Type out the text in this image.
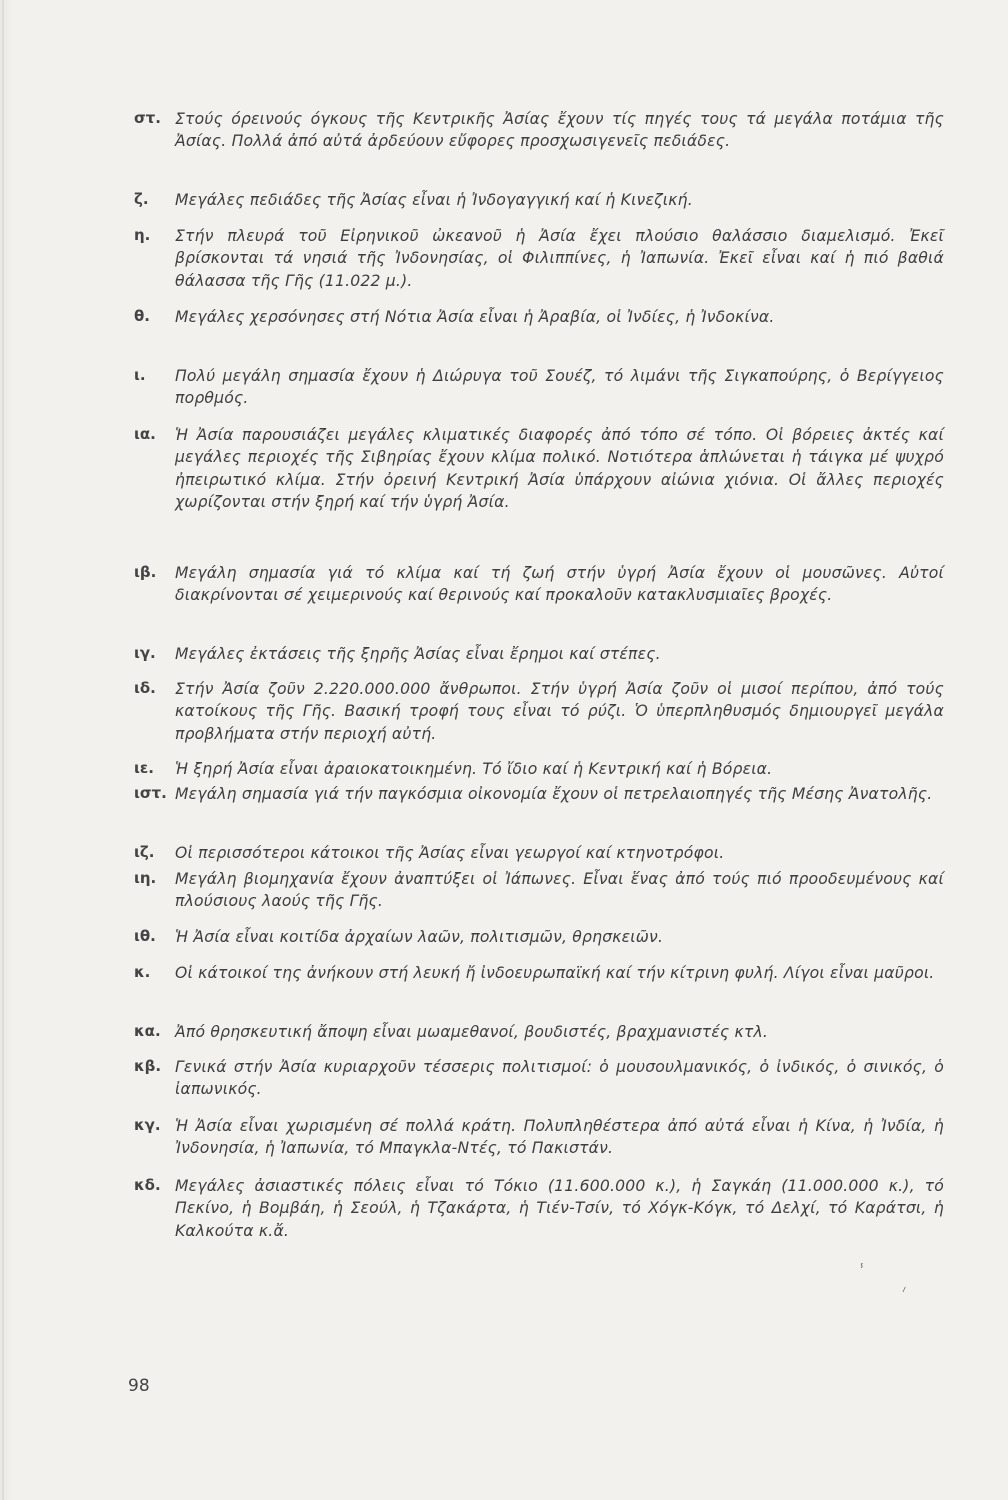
στ. Στούς όρεινούς όγκους τῆς Κεντρικῆς Ἀσίας ἔχουν τίς πηγές τους τά μεγάλα ποτάμια τῆς Ἀσίας. Πολλά ἀπό αὐτά ἀρδεύουν εὔφορες προσχωσιγενεῖς πεδιάδες.
ζ.	Μεγάλες πεδιάδες τῆς Ἀσίας εἶναι ἡ Ἰνδογαγγική καί ἡ Κινεζική.
η.	Στήν πλευρά τοῦ Εἰρηνικοῦ ὠκεανοῦ ἡ Ἀσία ἔχει πλούσιο θαλάσσιο διαμελισμό. Ἐκεῖ βρίσκονται τά νησιά τῆς Ἰνδονησίας, οἱ Φιλιππίνες, ἡ Ἰαπωνία. Ἐκεῖ εἶναι καί ἡ πιό βαθιά θάλασσα τῆς Γῆς (11.022 μ.).
θ.	Μεγάλες χερσόνησες στή Νότια Ἀσία εἶναι ἡ Ἀραβία, οἱ Ἰνδίες, ἡ Ἰνδοκίνα.
ι.	Πολύ μεγάλη σημασία ἔχουν ἡ Διώρυγα τοῦ Σουέζ, τό λιμάνι τῆς Σιγκαπούρης, ὁ Βερίγγειος πορθμός.
ια.	Ἡ Ἀσία παρουσιάζει μεγάλες κλιματικές διαφορές ἀπό τόπο σέ τόπο. Οἱ βόρειες ἀκτές καί μεγάλες περιοχές τῆς Σιβηρίας ἔχουν κλίμα πολικό. Νοτιότερα ἁπλώνεται ἡ τάιγκα μέ ψυχρό ἠπειρωτικό κλίμα. Στήν ὀρεινή Κεντρική Ἀσία ὑπάρχουν αἰώνια χιόνια. Οἱ ἄλλες περιοχές χωρίζονται στήν ξηρή καί τήν ὑγρή Ἀσία.
ιβ.	Μεγάλη σημασία γιά τό κλίμα καί τή ζωή στήν ὑγρή Ἀσία ἔχουν οἱ μουσῶνες. Αὐτοί διακρίνονται σέ χειμερινούς καί θερινούς καί προκαλοῦν κατακλυσμιαῖες βροχές.
ιγ.	Μεγάλες ἐκτάσεις τῆς ξηρῆς Ἀσίας εἶναι ἔρημοι καί στέπες.
ιδ.	Στήν Ἀσία ζοῦν 2.220.000.000 ἄνθρωποι. Στήν ὑγρή Ἀσία ζοῦν οἱ μισοί περίπου, ἀπό τούς κατοίκους τῆς Γῆς. Βασική τροφή τους εἶναι τό ρύζι. Ὁ ὑπερπληθυσμός δημιουργεῖ μεγάλα προβλήματα στήν περιοχή αὐτή.
ιε.	Ἡ ξηρή Ἀσία εἶναι ἀραιοκατοικημένη. Τό ἴδιο καί ἡ Κεντρική καί ἡ Βόρεια.
ιστ. Μεγάλη σημασία γιά τήν παγκόσμια οἰκονομία ἔχουν οἱ πετρελαιοπηγές τῆς Μέσης Ἀνατολῆς.
ιζ.	Οἱ περισσότεροι κάτοικοι τῆς Ἀσίας εἶναι γεωργοί καί κτηνοτρόφοι.
ιη.	Μεγάλη βιομηχανία ἔχουν ἀναπτύξει οἱ Ἰάπωνες. Εἶναι ἕνας ἀπό τούς πιό προοδευμένους καί πλούσιους λαούς τῆς Γῆς.
ιθ.	Ἡ Ἀσία εἶναι κοιτίδα ἀρχαίων λαῶν, πολιτισμῶν, θρησκειῶν.
κ.	Οἱ κάτοικοί της ἀνήκουν στή λευκή ἤ ἰνδοευρωπαϊκή καί τήν κίτρινη φυλή. Λίγοι εἶναι μαῦροι.
κα. Ἀπό θρησκευτική ἄποψη εἶναι μωαμεθανοί, βουδιστές, βραχμανιστές κτλ.
κβ. Γενικά στήν Ἀσία κυριαρχοῦν τέσσερις πολιτισμοί: ὁ μουσουλμανικός, ὁ ἰνδικός, ὁ σινικός, ὁ ἰαπωνικός.
κγ. Ἡ Ἀσία εἶναι χωρισμένη σέ πολλά κράτη. Πολυπληθέστερα ἀπό αὐτά εἶναι ἡ Κίνα, ἡ Ἰνδία, ἡ Ἰνδονησία, ἡ Ἰαπωνία, τό Μπαγκλα-Ντές, τό Πακιστάν.
κδ. Μεγάλες ἀσιαστικές πόλεις εἶναι τό Τόκιο (11.600.000 κ.), ἡ Σαγκάη (11.000.000 κ.), τό Πεκίνο, ἡ Βομβάη, ἡ Σεούλ, ἡ Τζακάρτα, ἡ Τιέν-Τσίν, τό Χόγκ-Κόγκ, τό Δελχί, τό Καράτσι, ἡ Καλκούτα κ.ἄ.
ⸯ
⸝
98
